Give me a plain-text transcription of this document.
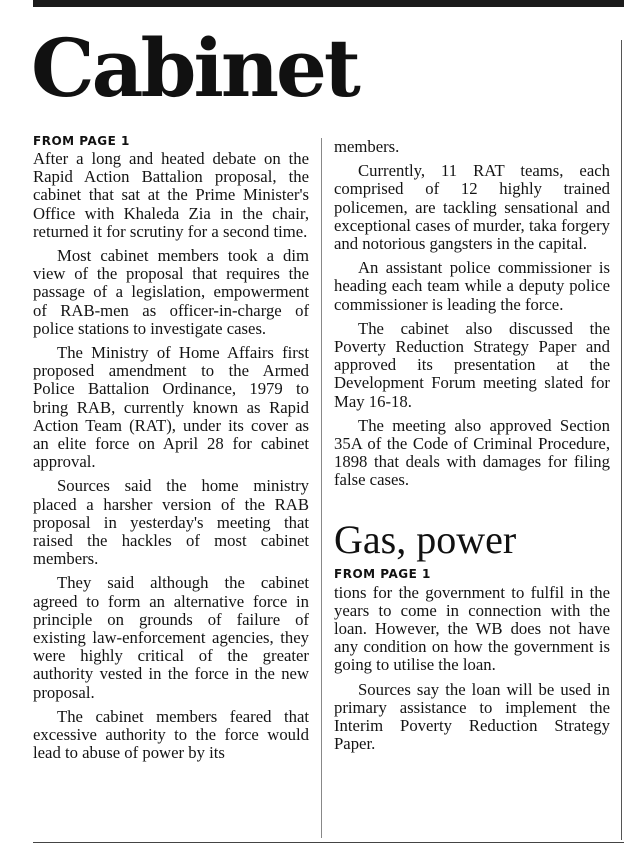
Cabinet
FROM PAGE 1

After a long and heated debate on the Rapid Action Battalion proposal, the cabinet that sat at the Prime Minister's Office with Khaleda Zia in the chair, returned it for scrutiny for a second time.

Most cabinet members took a dim view of the proposal that requires the passage of a legislation, empowerment of RAB-men as officer-in-charge of police stations to investigate cases.

The Ministry of Home Affairs first proposed amendment to the Armed Police Battalion Ordinance, 1979 to bring RAB, currently known as Rapid Action Team (RAT), under its cover as an elite force on April 28 for cabinet approval.

Sources said the home ministry placed a harsher version of the RAB proposal in yesterday's meeting that raised the hackles of most cabinet members.

They said although the cabinet agreed to form an alternative force in principle on grounds of failure of existing law-enforcement agencies, they were highly critical of the greater authority vested in the force in the new proposal.

The cabinet members feared that excessive authority to the force would lead to abuse of power by its

members.

Currently, 11 RAT teams, each comprised of 12 highly trained policemen, are tackling sensational and exceptional cases of murder, taka forgery and notorious gangsters in the capital.

An assistant police commissioner is heading each team while a deputy police commissioner is leading the force.

The cabinet also discussed the Poverty Reduction Strategy Paper and approved its presentation at the Development Forum meeting slated for May 16-18.

The meeting also approved Section 35A of the Code of Criminal Procedure, 1898 that deals with damages for filing false cases.

Gas, power
FROM PAGE 1

tions for the government to fulfil in the years to come in connection with the loan. However, the WB does not have any condition on how the government is going to utilise the loan.

Sources say the loan will be used in primary assistance to implement the Interim Poverty Reduction Strategy Paper.
